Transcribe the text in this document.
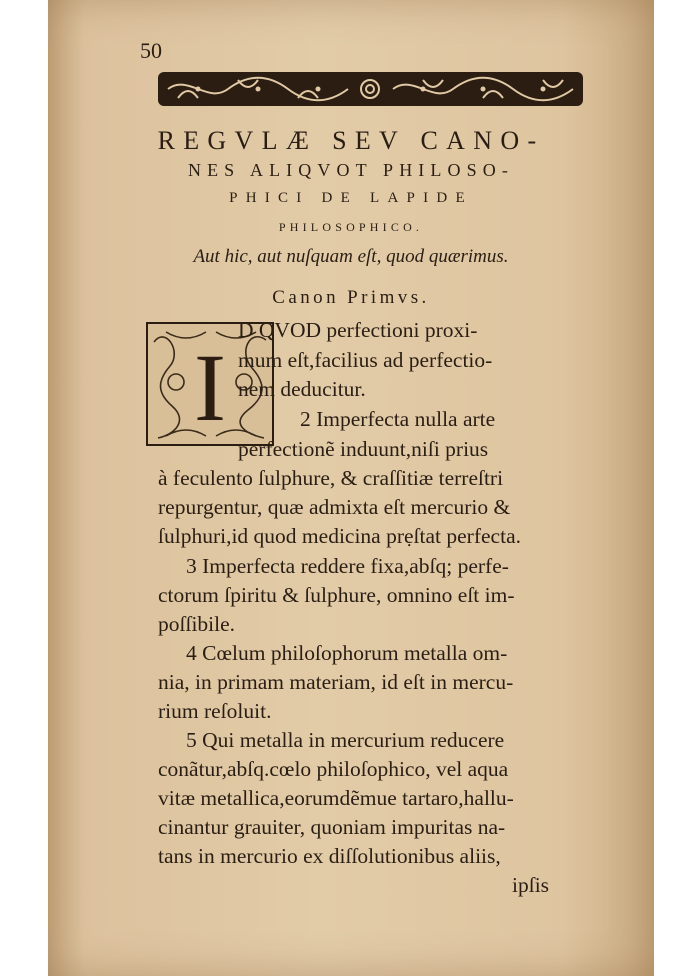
50
REGVLÆ SEV CANO-
NES ALIQVOT PHILOSO-
PHICI DE LAPIDE
PHILOSOPHICO.
Aut hic, aut nuſquam eſt, quod quærimus.
Canon Primvs.
I
D QVOD perfectioni proxi-
mum eſt,facilius ad perfectio-
nem deducitur.
2 Imperfecta nulla arte
perfectionẽ induunt,niſi prius
à feculento ſulphure, & craſſitiæ terreſtri
repurgentur, quæ admixta eſt mercurio &
ſulphuri,id quod medicina prẹſtat perfecta.
3 Imperfecta reddere fixa,abſq; perfe-
ctorum ſpiritu & ſulphure, omnino eſt im-
poſſibile.
4 Cœlum philoſophorum metalla om-
nia, in primam materiam, id eſt in mercu-
rium reſoluit.
5 Qui metalla in mercurium reducere
conãtur,abſq.cœlo philoſophico, vel aqua
vitæ metallica,eorumdẽmue tartaro,hallu-
cinantur grauiter, quoniam impuritas na-
tans in mercurio ex diſſolutionibus aliis,
ipſis
